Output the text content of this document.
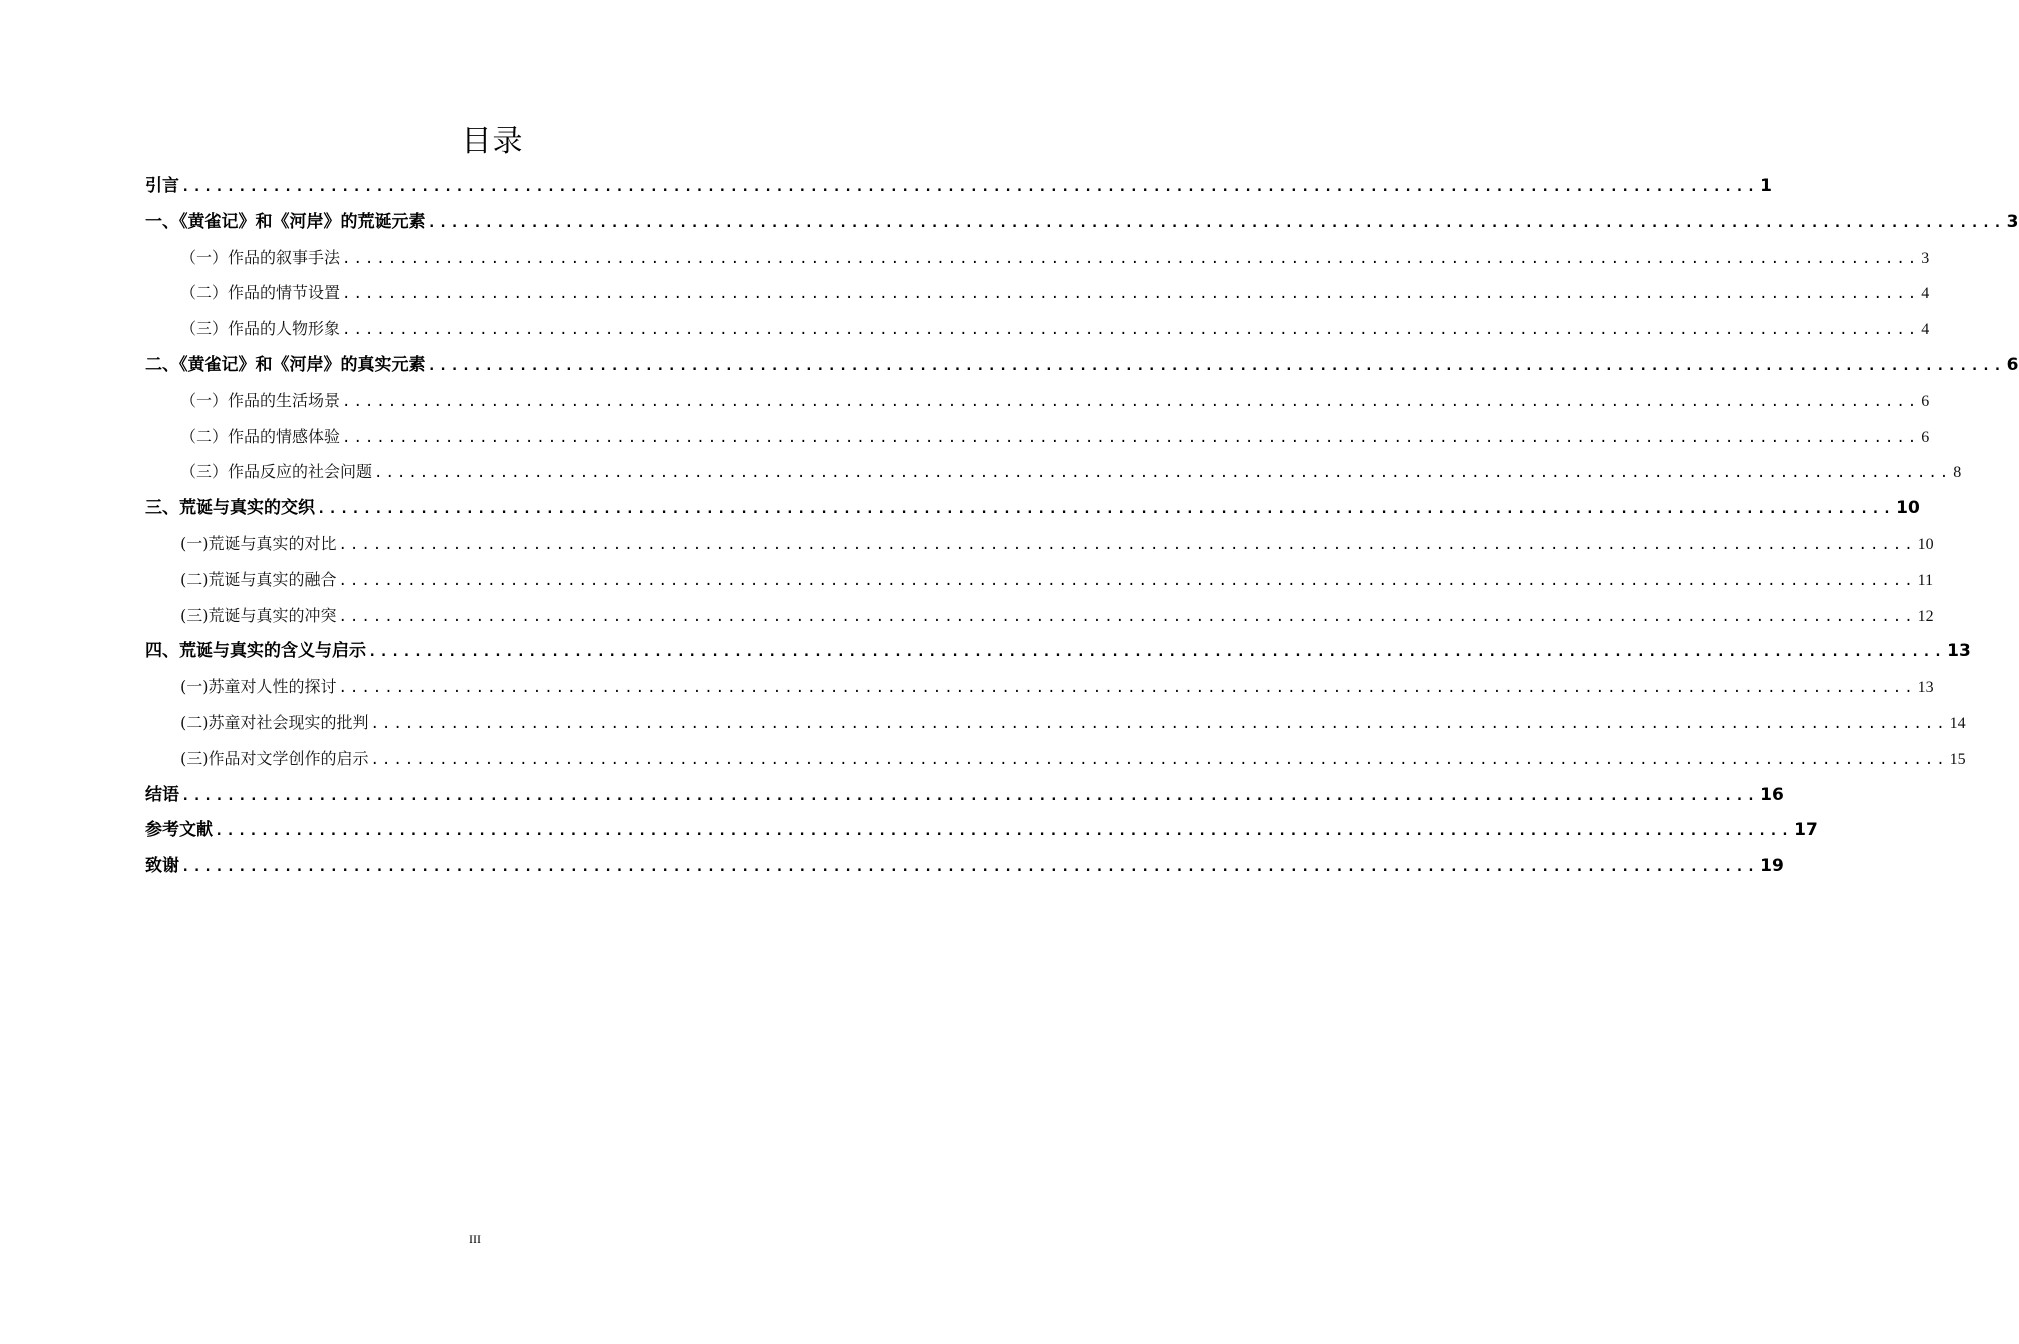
目录
引言 .......................................................................................................................................... 1
一、《黄雀记》和《河岸》的荒诞元素 .......................................................................................................................................... 3
（一）作品的叙事手法 .......................................................................................................................................... 3
（二）作品的情节设置 .......................................................................................................................................... 4
（三）作品的人物形象 .......................................................................................................................................... 4
二、《黄雀记》和《河岸》的真实元素 .......................................................................................................................................... 6
（一）作品的生活场景 .......................................................................................................................................... 6
（二）作品的情感体验 .......................................................................................................................................... 6
（三）作品反应的社会问题 .......................................................................................................................................... 8
三、荒诞与真实的交织 .......................................................................................................................................... 10
(一)荒诞与真实的对比 .......................................................................................................................................... 10
(二)荒诞与真实的融合 .......................................................................................................................................... 11
(三)荒诞与真实的冲突 .......................................................................................................................................... 12
四、荒诞与真实的含义与启示 .......................................................................................................................................... 13
(一)苏童对人性的探讨 .......................................................................................................................................... 13
(二)苏童对社会现实的批判 .......................................................................................................................................... 14
(三)作品对文学创作的启示 .......................................................................................................................................... 15
结语 .......................................................................................................................................... 16
参考文献 .......................................................................................................................................... 17
致谢 .......................................................................................................................................... 19
III
